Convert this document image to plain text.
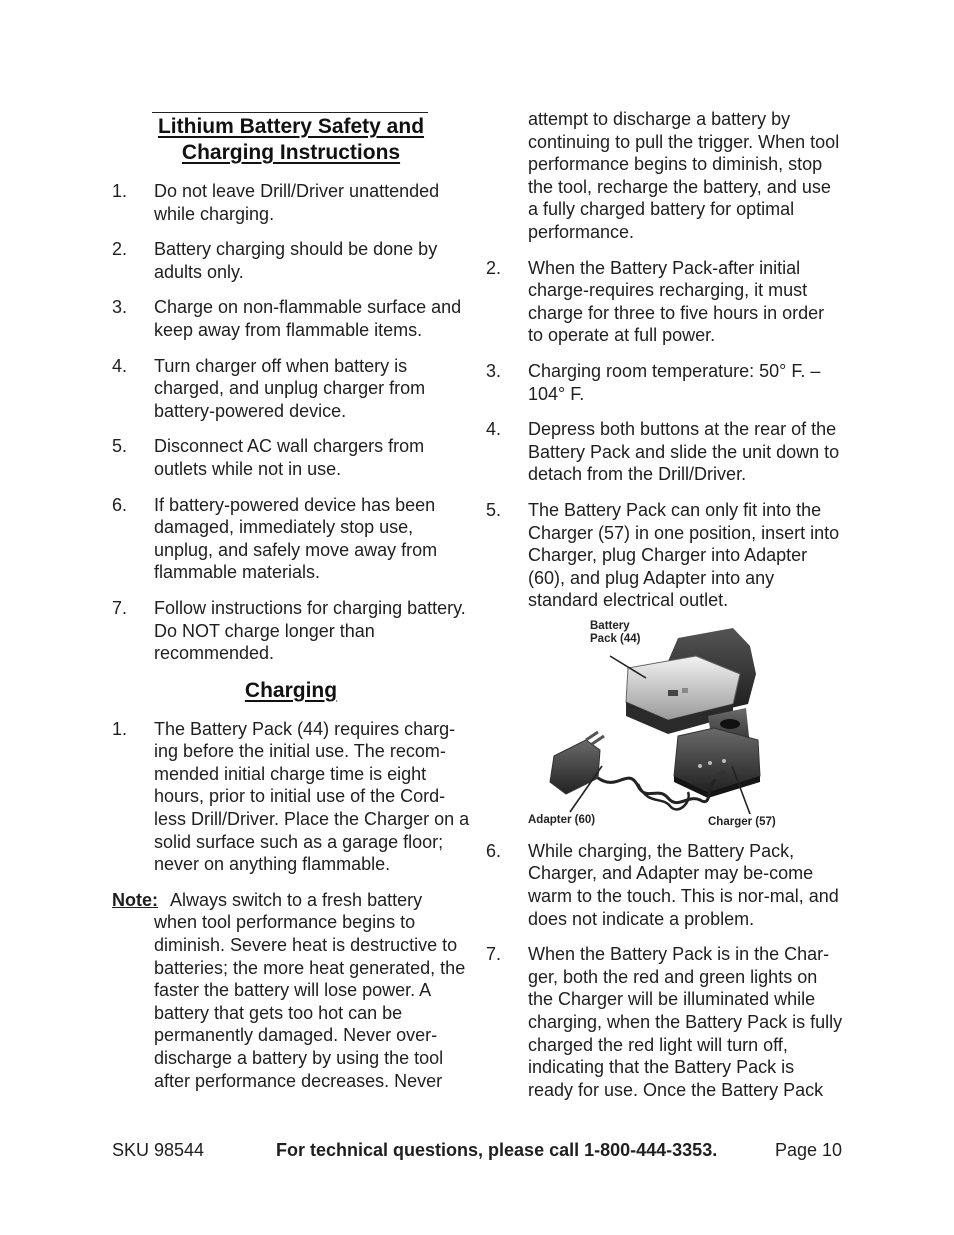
Lithium Battery Safety and
Charging Instructions
1. Do not leave Drill/Driver unattended while charging.
2. Battery charging should be done by adults only.
3. Charge on non-flammable surface and keep away from flammable items.
4. Turn charger off when battery is charged, and unplug charger from battery-powered device.
5. Disconnect AC wall chargers from outlets while not in use.
6. If battery-powered device has been damaged, immediately stop use, unplug, and safely move away from flammable materials.
7. Follow instructions for charging battery. Do NOT charge longer than recommended.
Charging
1. The Battery Pack (44) requires charg-ing before the initial use. The recom-mended initial charge time is eight hours, prior to initial use of the Cord-less Drill/Driver. Place the Charger on a solid surface such as a garage floor; never on anything flammable.
Note: Always switch to a fresh battery when tool performance begins to diminish. Severe heat is destructive to batteries; the more heat generated, the faster the battery will lose power. A battery that gets too hot can be permanently damaged. Never over-discharge a battery by using the tool after performance decreases. Never
attempt to discharge a battery by continuing to pull the trigger. When tool performance begins to diminish, stop the tool, recharge the battery, and use a fully charged battery for optimal performance.
2. When the Battery Pack-after initial charge-requires recharging, it must charge for three to five hours in order to operate at full power.
3. Charging room temperature: 50° F. – 104° F.
4. Depress both buttons at the rear of the Battery Pack and slide the unit down to detach from the Drill/Driver.
5. The Battery Pack can only fit into the Charger (57) in one position, insert into Charger, plug Charger into Adapter (60), and plug Adapter into any standard electrical outlet.
Battery
Pack (44)
Adapter (60)	Charger (57)
6. While charging, the Battery Pack, Charger, and Adapter may be-come warm to the touch. This is nor-mal, and does not indicate a problem.
7. When the Battery Pack is in the Char-ger, both the red and green lights on the Charger will be illuminated while charging, when the Battery Pack is fully charged the red light will turn off, indicating that the Battery Pack is ready for use. Once the Battery Pack
SKU 98544	For technical questions, please call 1-800-444-3353.	Page 10
